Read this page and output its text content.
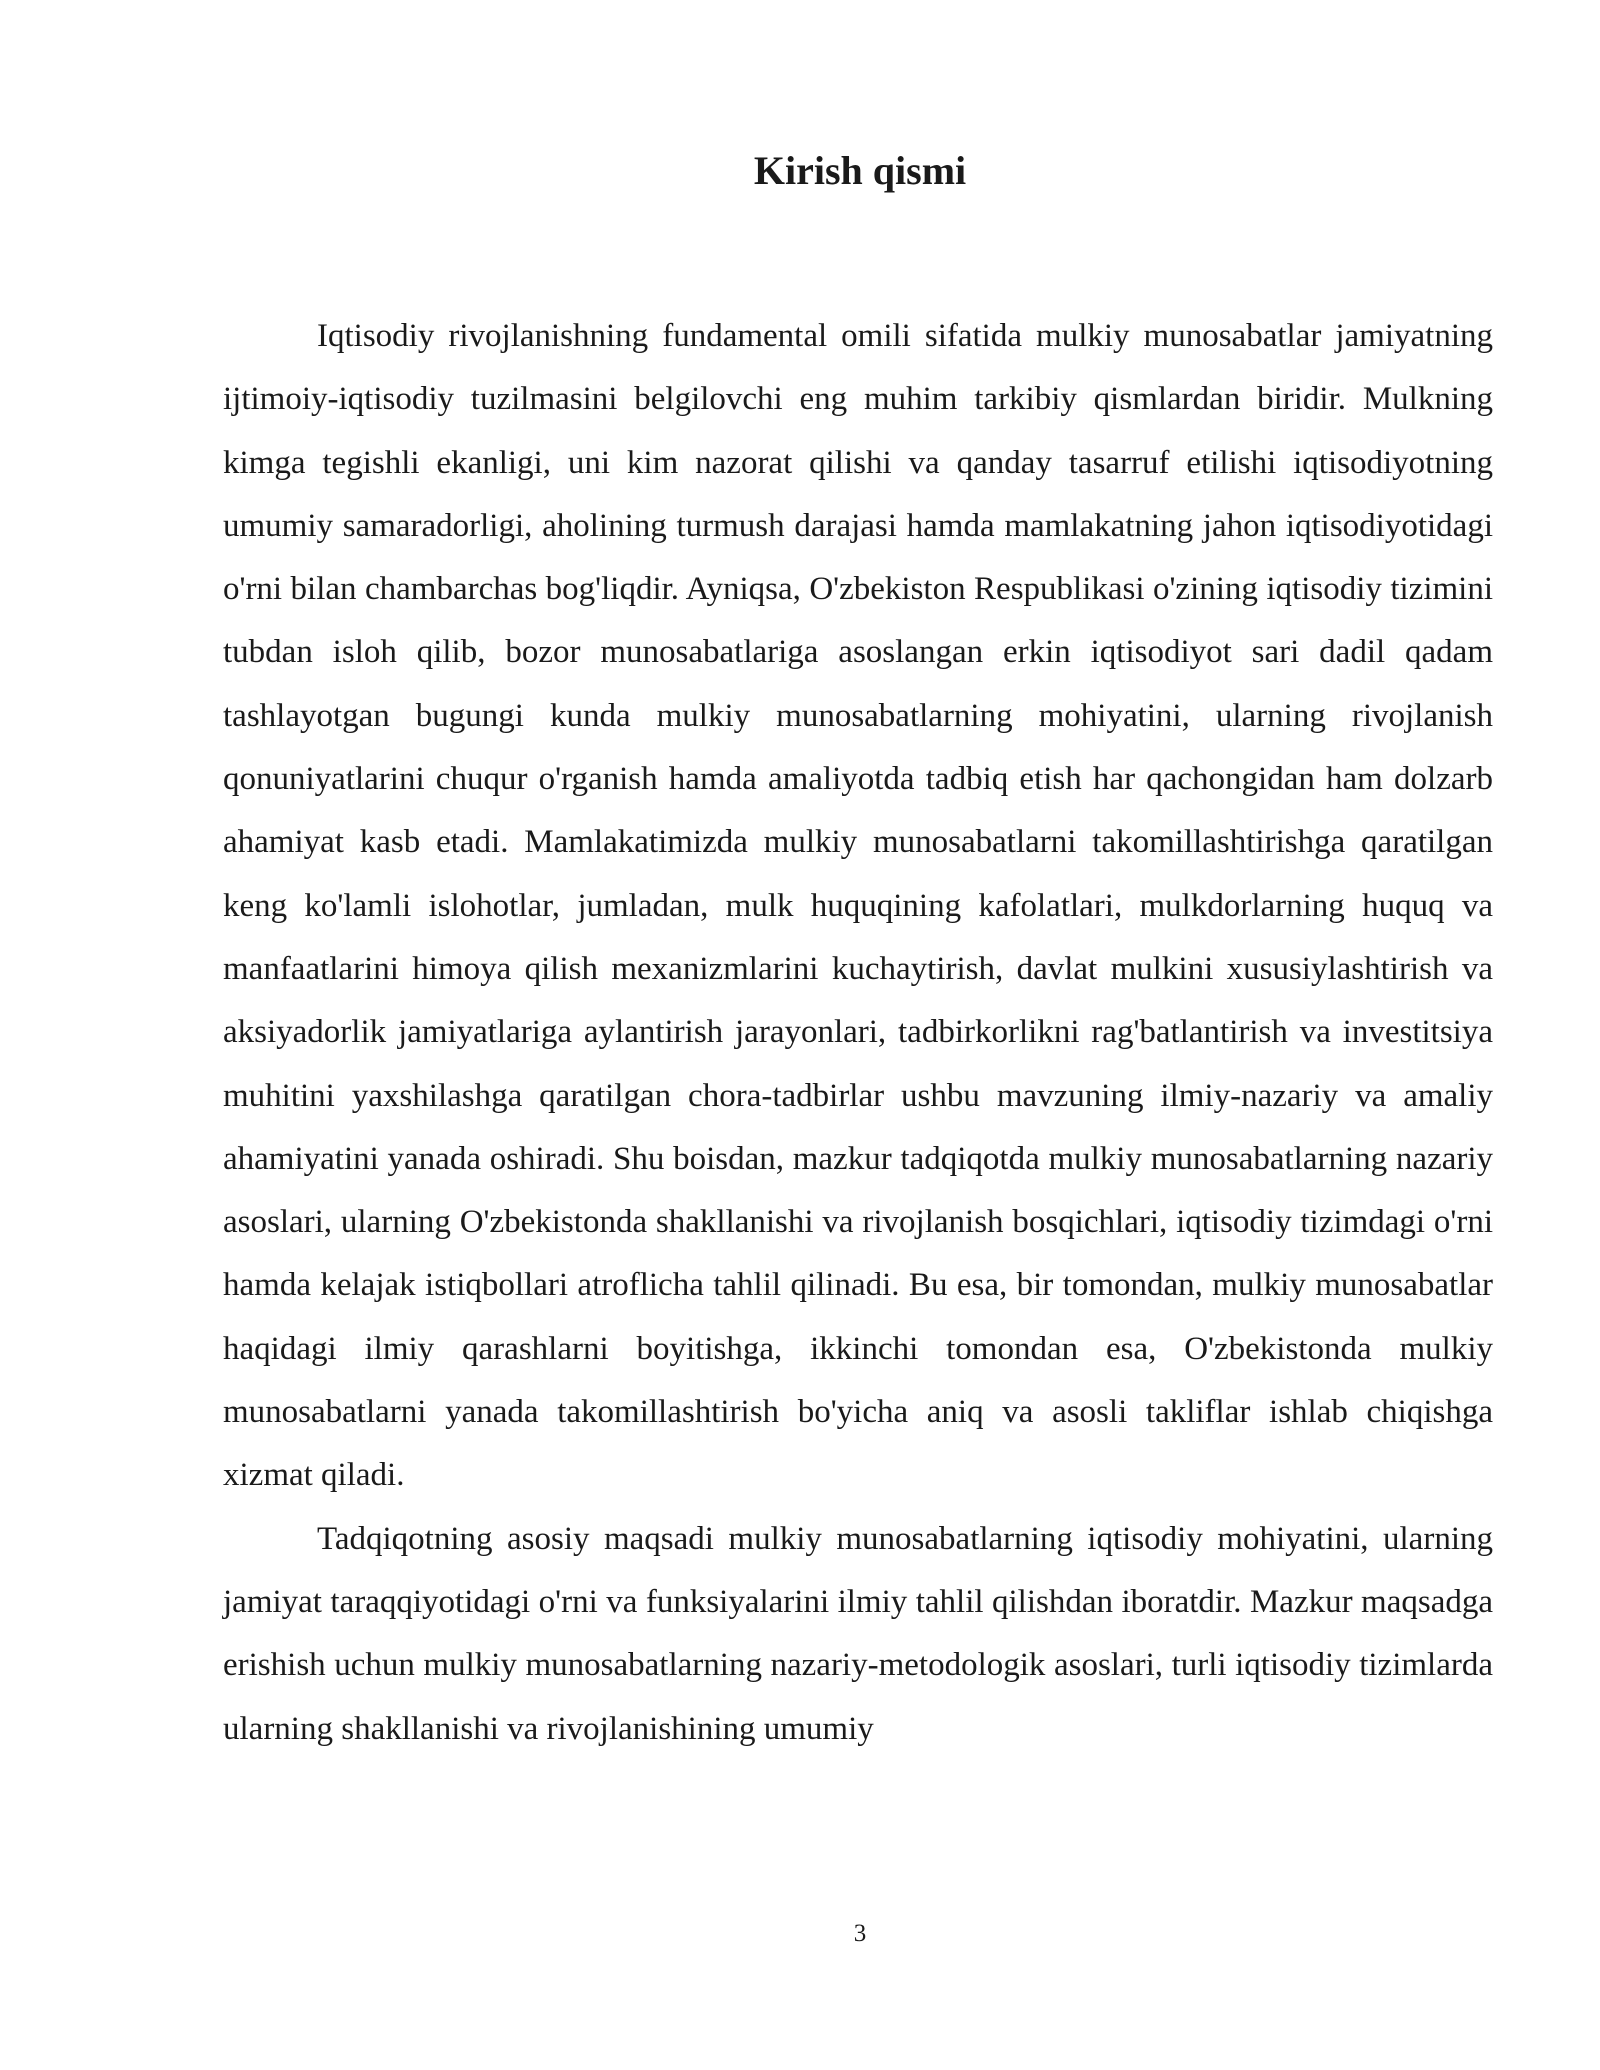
Kirish qismi

Iqtisodiy rivojlanishning fundamental omili sifatida mulkiy munosabatlar jamiyatning ijtimoiy-iqtisodiy tuzilmasini belgilovchi eng muhim tarkibiy qismlardan biridir. Mulkning kimga tegishli ekanligi, uni kim nazorat qilishi va qanday tasarruf etilishi iqtisodiyotning umumiy samaradorligi, aholining turmush darajasi hamda mamlakatning jahon iqtisodiyotidagi o'rni bilan chambarchas bog'liqdir. Ayniqsa, O'zbekiston Respublikasi o'zining iqtisodiy tizimini tubdan isloh qilib, bozor munosabatlariga asoslangan erkin iqtisodiyot sari dadil qadam tashlayotgan bugungi kunda mulkiy munosabatlarning mohiyatini, ularning rivojlanish qonuniyatlarini chuqur o'rganish hamda amaliyotda tadbiq etish har qachongidan ham dolzarb ahamiyat kasb etadi. Mamlakatimizda mulkiy munosabatlarni takomillashtirishga qaratilgan keng ko'lamli islohotlar, jumladan, mulk huquqining kafolatlari, mulkdorlarning huquq va manfaatlarini himoya qilish mexanizmlarini kuchaytirish, davlat mulkini xususiylashtirish va aksiyadorlik jamiyatlariga aylantirish jarayonlari, tadbirkorlikni rag'batlantirish va investitsiya muhitini yaxshilashga qaratilgan chora-tadbirlar ushbu mavzuning ilmiy-nazariy va amaliy ahamiyatini yanada oshiradi. Shu boisdan, mazkur tadqiqotda mulkiy munosabatlarning nazariy asoslari, ularning O'zbekistonda shakllanishi va rivojlanish bosqichlari, iqtisodiy tizimdagi o'rni hamda kelajak istiqbollari atroflicha tahlil qilinadi. Bu esa, bir tomondan, mulkiy munosabatlar haqidagi ilmiy qarashlarni boyitishga, ikkinchi tomondan esa, O'zbekistonda mulkiy munosabatlarni yanada takomillashtirish bo'yicha aniq va asosli takliflar ishlab chiqishga xizmat qiladi.

Tadqiqotning asosiy maqsadi mulkiy munosabatlarning iqtisodiy mohiyatini, ularning jamiyat taraqqiyotidagi o'rni va funksiyalarini ilmiy tahlil qilishdan iboratdir. Mazkur maqsadga erishish uchun mulkiy munosabatlarning nazariy-metodologik asoslari, turli iqtisodiy tizimlarda ularning shakllanishi va rivojlanishining umumiy

3
